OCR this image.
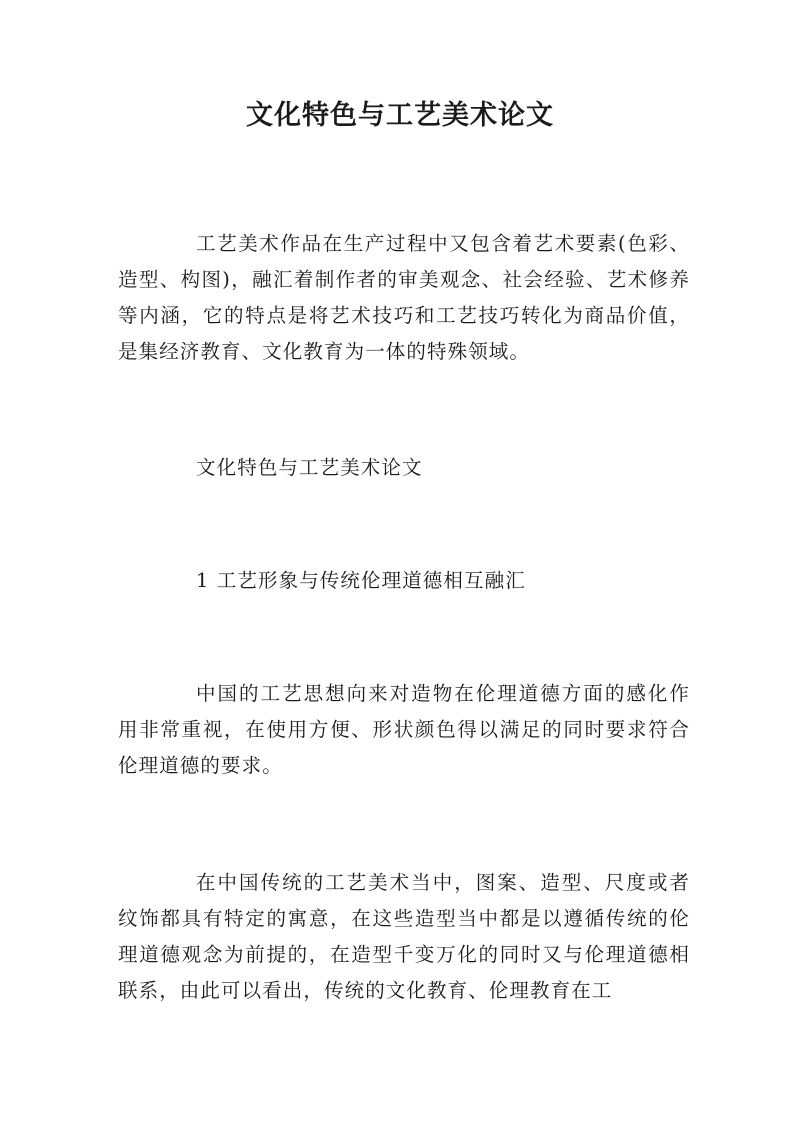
文化特色与工艺美术论文

工艺美术作品在生产过程中又包含着艺术要素(色彩、造型、构图)，融汇着制作者的审美观念、社会经验、艺术修养等内涵，它的特点是将艺术技巧和工艺技巧转化为商品价值，是集经济教育、文化教育为一体的特殊领域。

文化特色与工艺美术论文

1 工艺形象与传统伦理道德相互融汇

中国的工艺思想向来对造物在伦理道德方面的感化作用非常重视，在使用方便、形状颜色得以满足的同时要求符合伦理道德的要求。

在中国传统的工艺美术当中，图案、造型、尺度或者纹饰都具有特定的寓意，在这些造型当中都是以遵循传统的伦理道德观念为前提的，在造型千变万化的同时又与伦理道德相联系，由此可以看出，传统的文化教育、伦理教育在工
